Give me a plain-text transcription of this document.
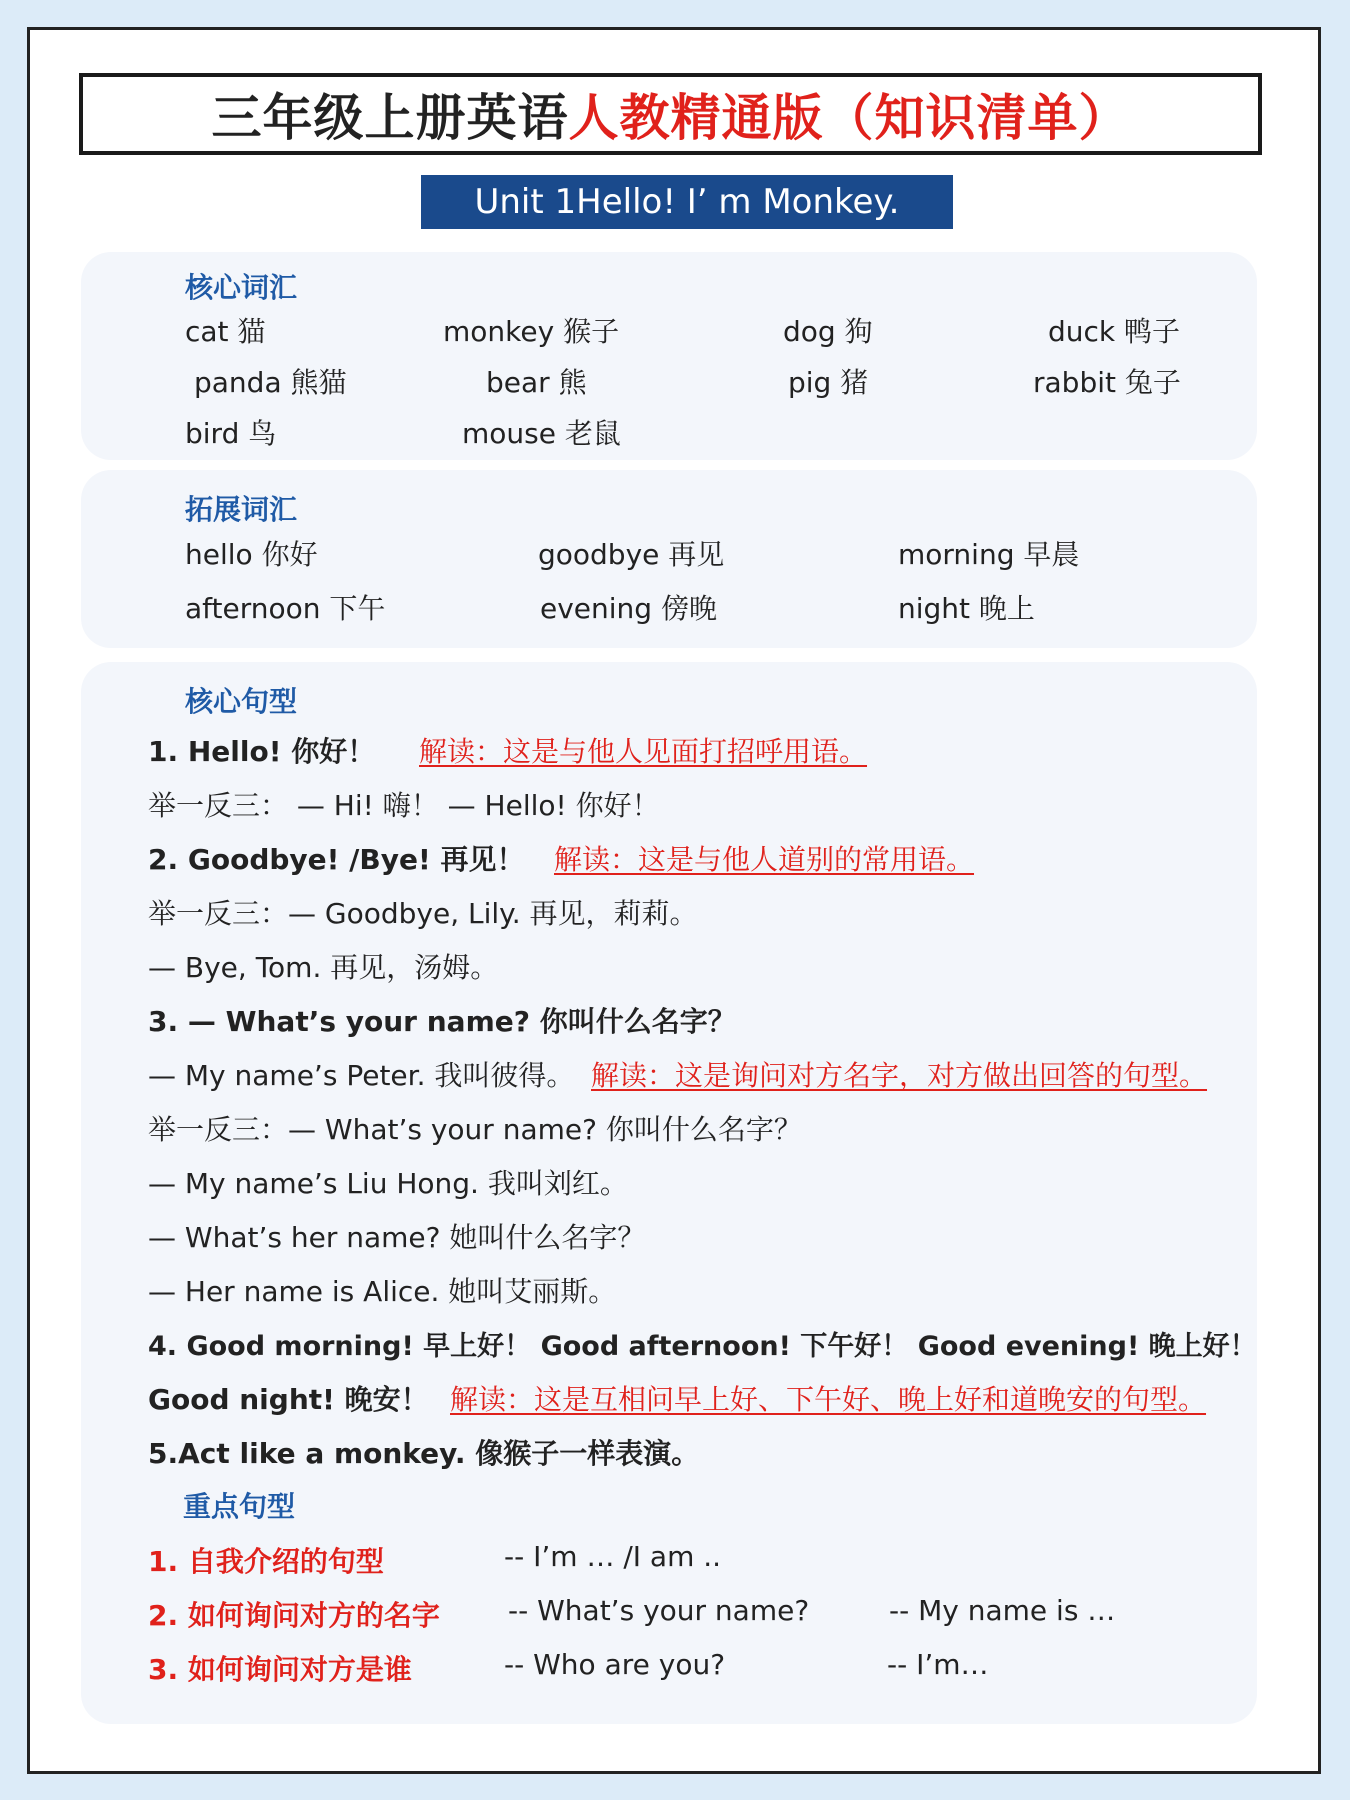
三年级上册英语 人教精通版（知识清单）
Unit 1 Hello! I’ m Monkey.
核心词汇
cat 猫	monkey 猴子	dog 狗	duck 鸭子
panda 熊猫	bear 熊	pig 猪	rabbit 兔子
bird 鸟	mouse 老鼠
拓展词汇
hello 你好	goodbye 再见	morning 早晨
afternoon 下午	evening 傍晚	night 晚上
核心句型
1. Hello! 你好！ 解读：这是与他人见面打招呼用语。
举一反三： — Hi! 嗨！ — Hello! 你好！
2. Goodbye! /Bye! 再见！ 解读：这是与他人道别的常用语。
举一反三：— Goodbye, Lily. 再见，莉莉。
— Bye, Tom. 再见，汤姆。
3. — What’s your name? 你叫什么名字？
— My name’s Peter. 我叫彼得。 解读：这是询问对方名字，对方做出回答的句型。
举一反三：— What’s your name? 你叫什么名字？
— My name’s Liu Hong. 我叫刘红。
— What’s her name? 她叫什么名字？
— Her name is Alice. 她叫艾丽斯。
4. Good morning! 早上好！ Good afternoon! 下午好！ Good evening! 晚上好！
Good night! 晚安！ 解读：这是互相问早上好、下午好、晚上好和道晚安的句型。
5.Act like a monkey. 像猴子一样表演。
重点句型
1. 自我介绍的句型	-- I’m … /I am ..
2. 如何询问对方的名字 -- What’s your name?	-- My name is …
3. 如何询问对方是谁	-- Who are you?	-- I’m…
